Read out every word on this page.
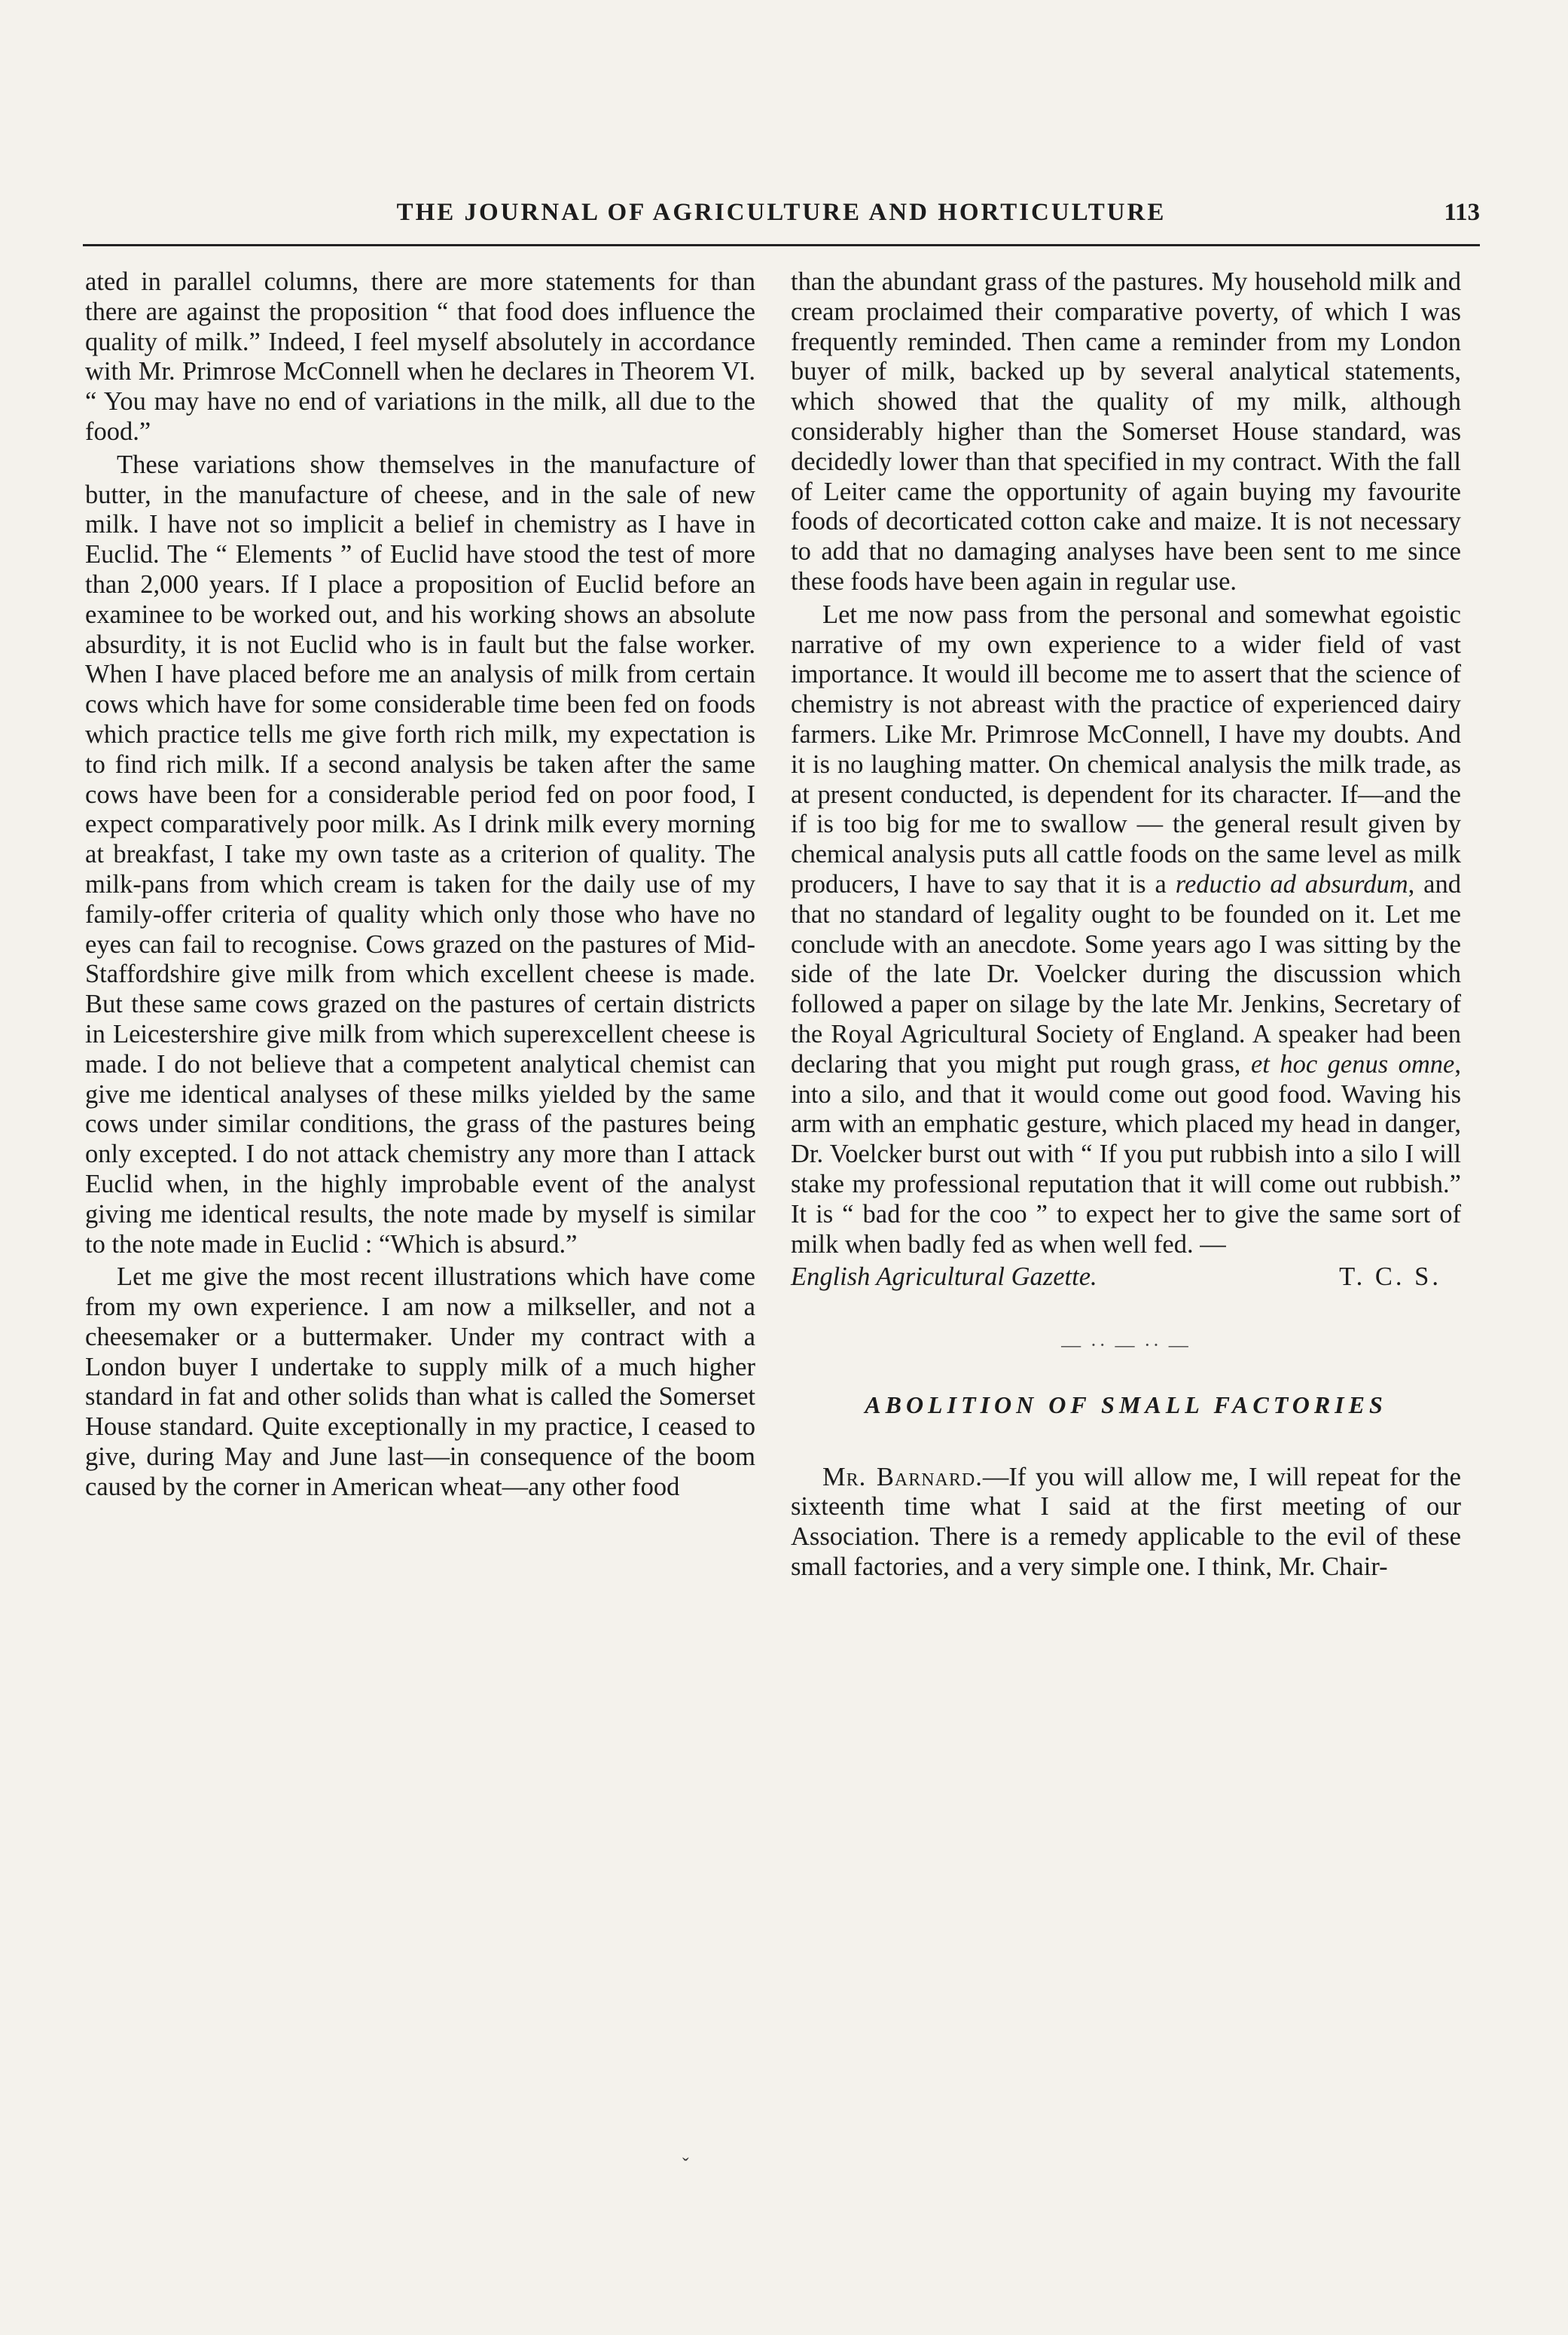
THE JOURNAL OF AGRICULTURE AND HORTICULTURE	113

ated in parallel columns, there are more statements for than there are against the proposition “ that food does influence the quality of milk.” Indeed, I feel myself absolutely in accordance with Mr. Primrose McConnell when he declares in Theorem VI. “ You may have no end of variations in the milk, all due to the food.”

These variations show themselves in the manufacture of butter, in the manufacture of cheese, and in the sale of new milk. I have not so implicit a belief in chemistry as I have in Euclid. The “ Elements ” of Euclid have stood the test of more than 2,000 years. If I place a proposition of Euclid before an examinee to be worked out, and his working shows an absolute absurdity, it is not Euclid who is in fault but the false worker. When I have placed before me an analysis of milk from certain cows which have for some considerable time been fed on foods which practice tells me give forth rich milk, my expectation is to find rich milk. If a second analysis be taken after the same cows have been for a considerable period fed on poor food, I expect comparatively poor milk. As I drink milk every morning at breakfast, I take my own taste as a criterion of quality. The milk-pans from which cream is taken for the daily use of my family-offer criteria of quality which only those who have no eyes can fail to recognise. Cows grazed on the pastures of Mid-Staffordshire give milk from which excellent cheese is made. But these same cows grazed on the pastures of certain districts in Leicestershire give milk from which superexcellent cheese is made. I do not believe that a competent analytical chemist can give me identical analyses of these milks yielded by the same cows under similar conditions, the grass of the pastures being only excepted. I do not attack chemistry any more than I attack Euclid when, in the highly improbable event of the analyst giving me identical results, the note made by myself is similar to the note made in Euclid : “Which is absurd.”

Let me give the most recent illustrations which have come from my own experience. I am now a milkseller, and not a cheesemaker or a buttermaker. Under my contract with a London buyer I undertake to supply milk of a much higher standard in fat and other solids than what is called the Somerset House standard. Quite exceptionally in my practice, I ceased to give, during May and June last—in consequence of the boom caused by the corner in American wheat—any other food

than the abundant grass of the pastures. My household milk and cream proclaimed their comparative poverty, of which I was frequently reminded. Then came a reminder from my London buyer of milk, backed up by several analytical statements, which showed that the quality of my milk, although considerably higher than the Somerset House standard, was decidedly lower than that specified in my contract. With the fall of Leiter came the opportunity of again buying my favourite foods of decorticated cotton cake and maize. It is not necessary to add that no damaging analyses have been sent to me since these foods have been again in regular use.

Let me now pass from the personal and somewhat egoistic narrative of my own experience to a wider field of vast importance. It would ill become me to assert that the science of chemistry is not abreast with the practice of experienced dairy farmers. Like Mr. Primrose McConnell, I have my doubts. And it is no laughing matter. On chemical analysis the milk trade, as at present conducted, is dependent for its character. If—and the if is too big for me to swallow — the general result given by chemical analysis puts all cattle foods on the same level as milk producers, I have to say that it is a reductio ad absurdum, and that no standard of legality ought to be founded on it. Let me conclude with an anecdote. Some years ago I was sitting by the side of the late Dr. Voelcker during the discussion which followed a paper on silage by the late Mr. Jenkins, Secretary of the Royal Agricultural Society of England. A speaker had been declaring that you might put rough grass, et hoc genus omne, into a silo, and that it would come out good food. Waving his arm with an emphatic gesture, which placed my head in danger, Dr. Voelcker burst out with “ If you put rubbish into a silo I will stake my professional reputation that it will come out rubbish.” It is “ bad for the coo ” to expect her to give the same sort of milk when badly fed as when well fed. —

English Agricultural Gazette.	T. C. S.
— ·· — ·· —
ABOLITION OF SMALL FACTORIES

Mr. Barnard.—If you will allow me, I will repeat for the sixteenth time what I said at the first meeting of our Association. There is a remedy applicable to the evil of these small factories, and a very simple one. I think, Mr. Chair-

ˇ
